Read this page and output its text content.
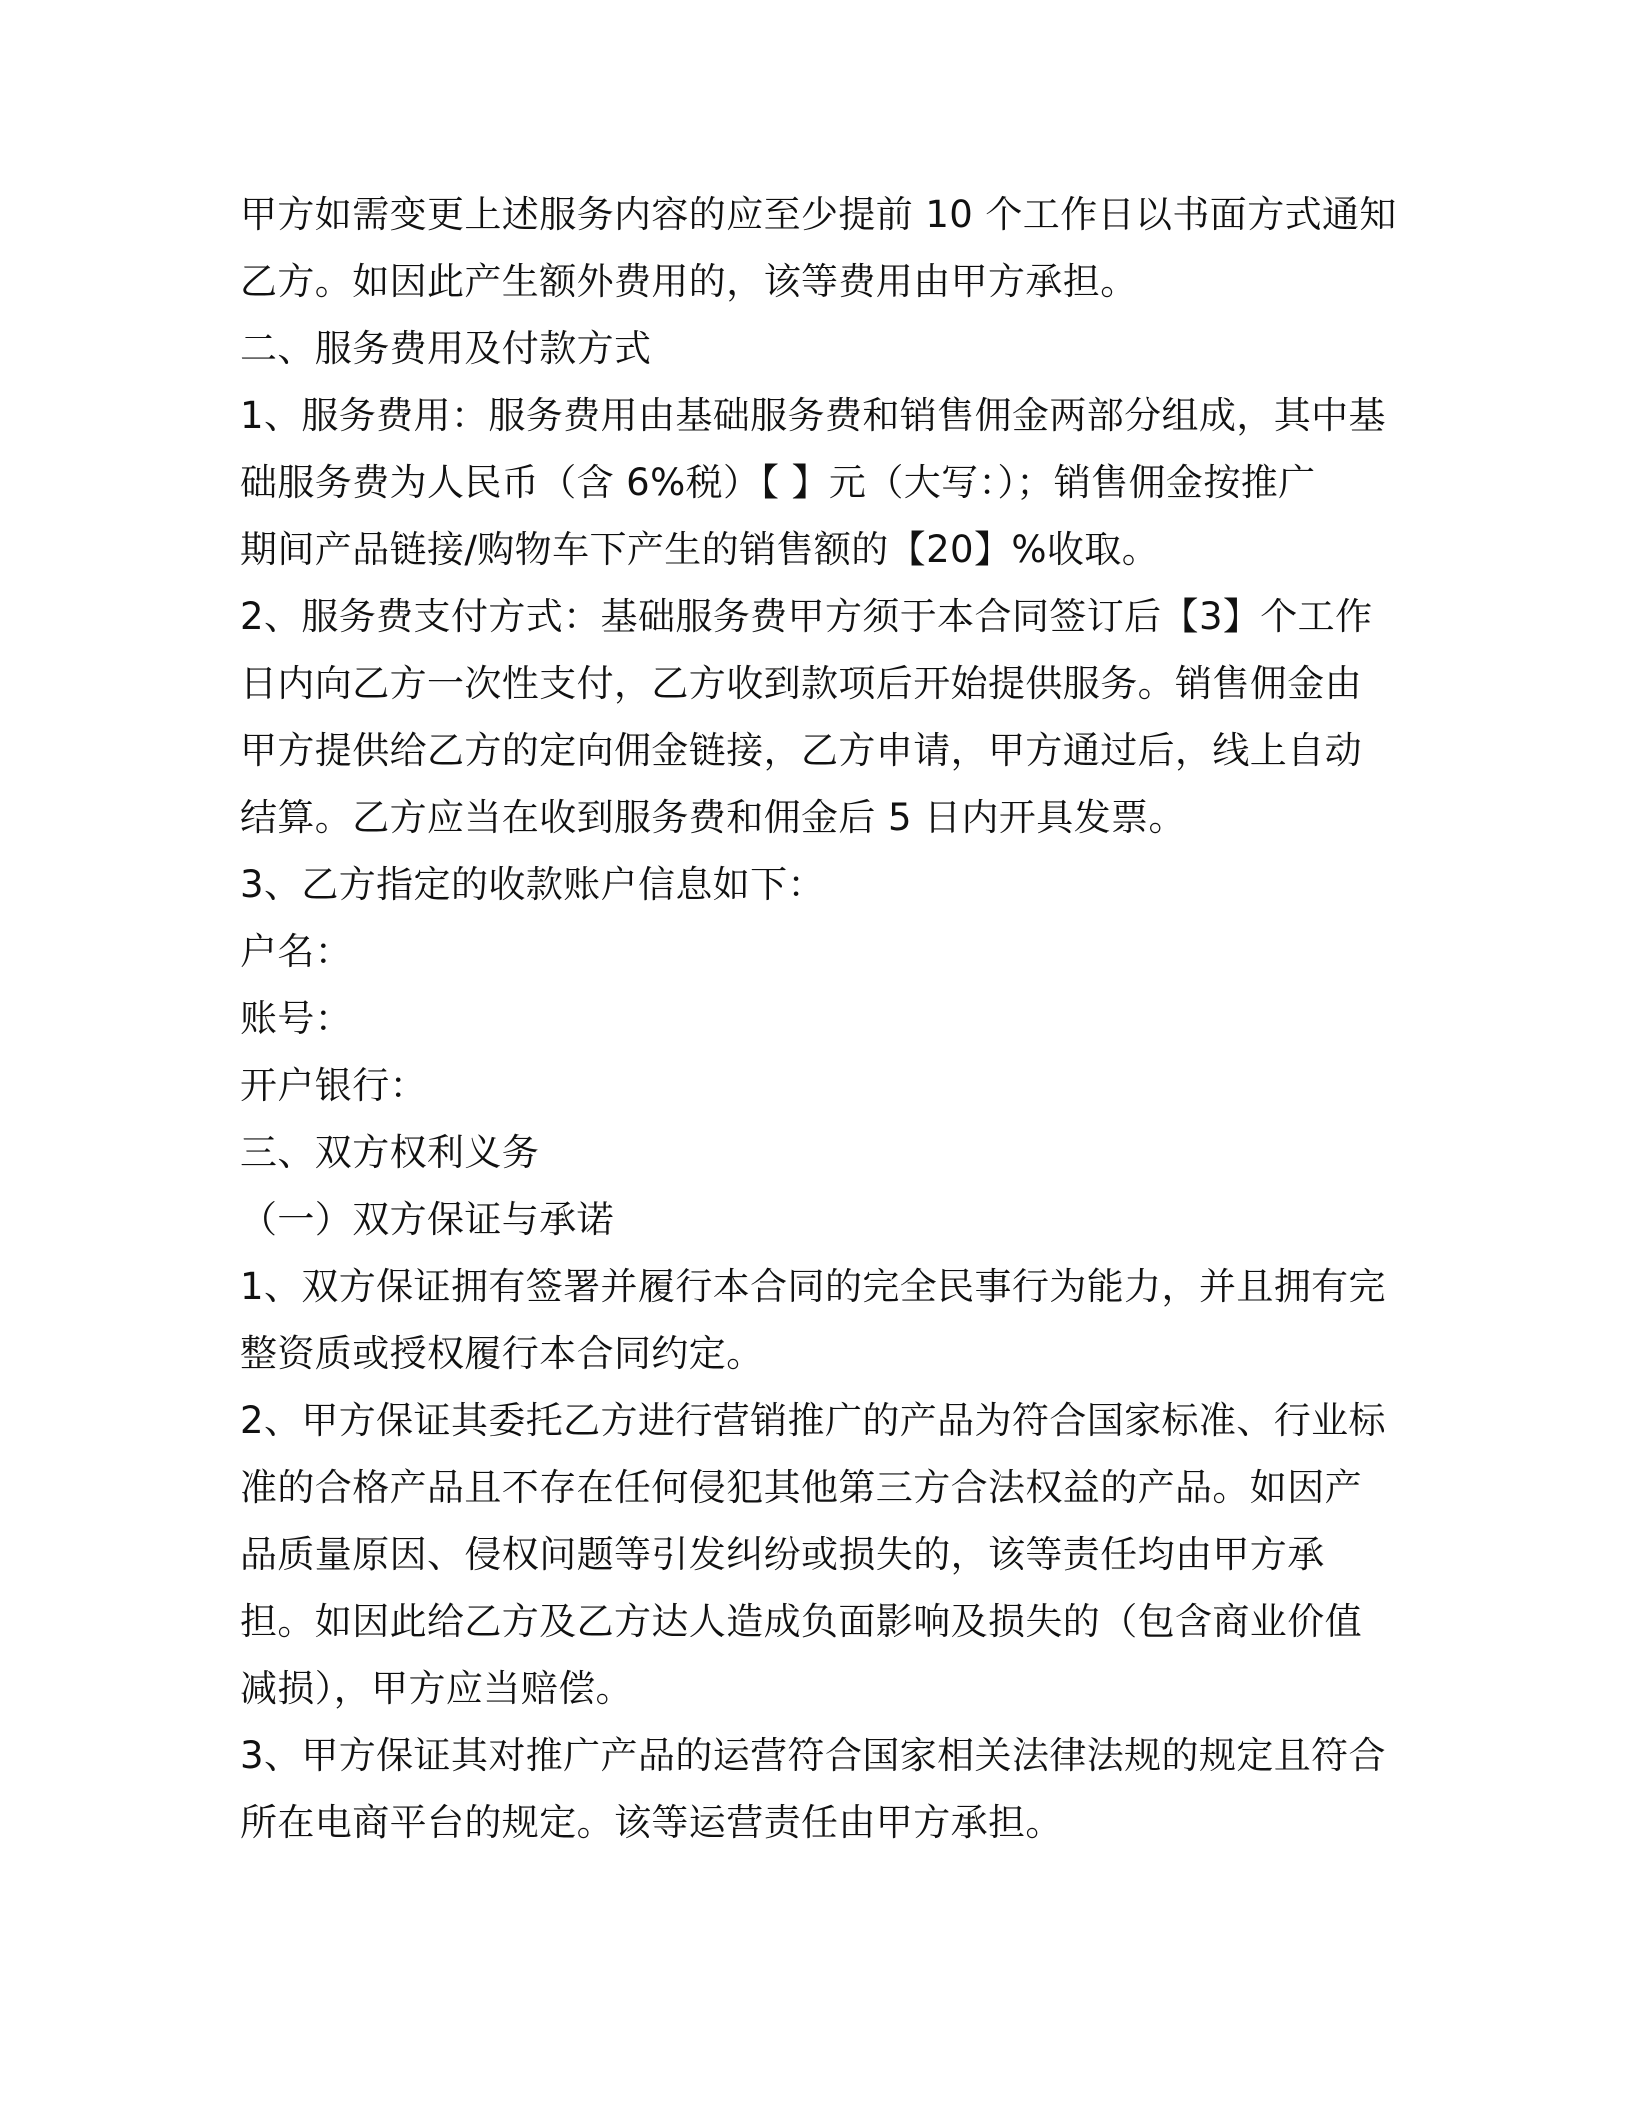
甲方如需变更上述服务内容的应至少提前 10 个工作日以书面方式通知
乙方。如因此产生额外费用的，该等费用由甲方承担。
二、服务费用及付款方式
1、服务费用：服务费用由基础服务费和销售佣金两部分组成，其中基
础服务费为人民币（含 6%税）【 】元（大写：）；销售佣金按推广
期间产品链接/购物车下产生的销售额的【20】%收取。
2、服务费支付方式：基础服务费甲方须于本合同签订后【3】个工作
日内向乙方一次性支付，乙方收到款项后开始提供服务。销售佣金由
甲方提供给乙方的定向佣金链接，乙方申请，甲方通过后，线上自动
结算。乙方应当在收到服务费和佣金后 5 日内开具发票。
3、乙方指定的收款账户信息如下：
户名：
账号：
开户银行：
三、双方权利义务
（一）双方保证与承诺
1、双方保证拥有签署并履行本合同的完全民事行为能力，并且拥有完
整资质或授权履行本合同约定。
2、甲方保证其委托乙方进行营销推广的产品为符合国家标准、行业标
准的合格产品且不存在任何侵犯其他第三方合法权益的产品。如因产
品质量原因、侵权问题等引发纠纷或损失的，该等责任均由甲方承
担。如因此给乙方及乙方达人造成负面影响及损失的（包含商业价值
减损），甲方应当赔偿。
3、甲方保证其对推广产品的运营符合国家相关法律法规的规定且符合
所在电商平台的规定。该等运营责任由甲方承担。
